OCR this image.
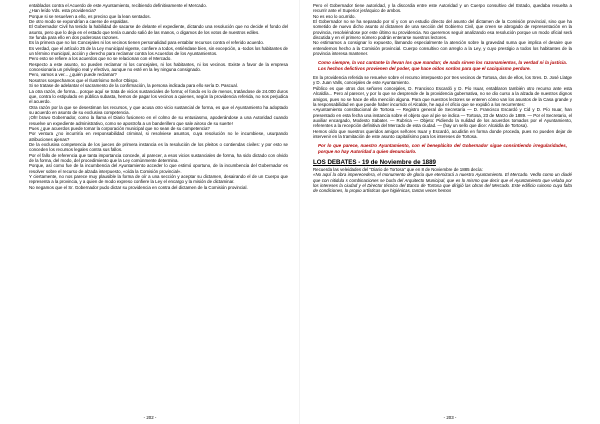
entablados contra el Acuerdo de este Ayuntamiento, recibiendo definitivamente el Mercado.

¿Han leído Vds. esta providencia?

Porque si se resuelven a ello, es preciso que la lean sentados.

De otro modo se expondrían a caerse de espaldas.

El Gobernador Civil ha tenido la habilidad de sacarse de delante el expediente, dictando una resolución que no decide el fondo del asunto, pero que lo deja en el estado que tenía cuando salió de las manos, o digamos de los votos de nuestros ediles.

Se funda para ello en dos poderosas razones.

Es la primera que no los Concejales ni los vecinos tienen personalidad para entablar recursos contra el referido acuerdo.

Es verdad, que el artículo 25 de la Ley municipal vigente, confiere a todos, entiéndase bien, sin excepción, a -todos los habitantes de un término municipal, acción y derecho para reclamar contra los Acuerdos de los Ayuntamientos.

Pero esto se refiere a los acuerdos que no se relacionan con el Mercado.

Respecto a este asunto, no pueden reclamar ni los concejales, ni los habitantes, ni los vecinos. Existe a favor de la empresa concesionaria un privilegio real y efectivo, aunque no esté en la ley ninguna consignado.

Pero, vamos a ver... ¿quién puede reclamar?

Nosotros sospechamos que el Ilustrísimo Señor Obispo.

Si se tratase de adelantar el sacramento de la confirmación, la persona indicada para ello sería D. Pascual.

La otra razón, de forma... porque aquí se trata de vicios sustanciales de forma; el fondo es lo de menos, tratándose de 24.000 duros que, contra lo estipulado en pública subasta, hemos de pagar los vecinos a quienes, según la providencia referida, no nos perjudica el acuerdo.

Otra razón por la que se desestiman los recursos, y que acusa otro vicio sustancial de forma, es que el Ayuntamiento ha adoptado su acuerdo en asunto de su exclusiva competencia.

¡Oh! bravo Gobernador, como la llama el Diario fusionero en el colmo de su entusiasmo, apoderándose a una Autoridad cuando resuelve un expediente administrativo, como se apostrofa a un banderillero que sale airoso de su suerte!

Pues ¿que acuerdos puede tomar la corporación municipal que no sean de su competencia?

Por ventura ¿no incurriría en responsabilidad criminal, si resolviese asuntos, cuya resolución no le incumbiese, usurpando atribuciones ajenas?

De la exclusiva competencia de los jueces de primera instancia es la resolución de los pleitos o contiendas civiles: y por esto se conceden los recursos legales contra sus fallos.

Por el fallo de referencia que tanta importancia concede, al parecer, a esos vicios sustanciales de forma, ha sido dictado con olvido de la forma, del modo, del procedimiento que la Ley comúnmente determina.

Porque, así como fue de la incumbencia del Ayuntamiento acceder lo que estimó oportuno, de la incumbencia del Gobernador es resolver sobre el recurso de alzada interpuesto, «oída la Comisión provincial».

Y ciertamente, no nos parece muy plausible la forma de oír a una sección y aceptar su dictamen, desairando el de un Cuerpo que representa a la provincia, y a quien de modo expreso confiere la Ley el encargo y la misión de dictaminar.

No negamos que el Sr. Gobernador pudo dictar su providencia en contra del dictamen de la Comisión provincial.

- 202 -

Pero el Gobernador tiene autoridad, y la discordia entre este Autoridad y un Cuerpo consultivo del Estado, quedaba resuelta a recurrir ante el Superior jerárquico de ambos.

No es eso lo ocurrido.

El Gobernador no se ha separado por sí y con un estudio directo del asunto del dictamen de la Comisión provincial, sino que ha sometido de nuevo dicho asunto al dictamen de una sección del Gobierno Civil, que creen se abrogado de representación en la provincia, resolviéndose por este último su providencia. No queremos seguir analizando esa resolución porque un modo oficial será discutida y en el primero número podrán enterarse nuestros lectores.

No estimamos a consignar lo expuesto, llamando especialmente la atención sobre la gravedad suma que implica el desaire que entendemos hecho a la Comisión provincial. Cuerpo consultivo con arreglo a la Ley, y cuyo prestigio a todos los habitantes de la provincia interesa mantener.

Como siempre, la voz cantante la llevan los que mandan; de nada sirven los razonamientos, la verdad ni la justicia. Los hechos delictivos provienen del poder, que hace oídos sordos para que el caciquismo perdure.

En la providencia referida se resuelve sobre el recurso interpuesto por tres vecinos de Tortosa, dos de ellos, los Sres. D. José Llatge y D. Juan Valls, concejales de este Ayuntamiento.

Público es que otros dos señores concejales, D. Francisco Escardó y D. Pío Isuar, entablaron también otro recurso ante esta Alcaldía... Pero al parecer, y por lo que se desprende de la providencia gubernativa, no se dio curso a la alzada de nuestros dignos amigos, pues no se hace de ella mención alguna. Para que nuestros lectores se enteren cómo van los asuntos de la Casa grande y la responsabilidad en que puede haber incurrido el Alcalde, he aquí el oficio que se expidió a los recurrentes:

«Ayuntamiento constitucional de Tortosa — Registro general de Secretaría — D. Francisco Escardó y Cid y D. Pío Isuar, han presentado en esta fecha una instancia sobre el objeto que al pie se indica — Tortosa, 23 de Marzo de 1889. — Por el Secretario, el auxiliar encargado, Modesto Sabater. — Rubrica — Objeto: Pidiendo la nulidad de los acuerdos tomados por el Ayuntamiento, referentes a la recepción definitiva del Mercado de esta ciudad. — (hay un sello que dice: Alcaldía de Tortosa).

Hemos oído que nuestros queridos amigos señores Isuar y Escardó, acudirán en forma donde proceda, pues no pueden dejar de intervenir en la tramitación de este asunto capitalísimo para los intereses de Tortosa.

Por lo que parece, nuestro Ayuntamiento, con el beneplácito del Gobernador sigue consintiendo irregularidades, porque no hay Autoridad a quien denunciarlo.

LOS DEBATES - 19 de Noviembre de 1889

Recuerda las veleidades del "Diario de Tortosa" que en 8 de Noviembre de 1885 decía:

«No aquí la obra imperecedera, el monumento de gloria que eternizará a nuestro Ayuntamiento. El Mercado. Vedlo como un diadé que con nitidula s combinaciones se burla del Arquitecto Municipal, que es lo mismo que decir que el Ayuntamiento que velaba por los intereses la ciudad y el Director técnico del Banco de Tortosa que dirigió las obras del Mercado. Este edificio ruinoso cuya falta de condiciones, lo propio artísticas que higiénicas, tantas veces hemos

- 203 -
